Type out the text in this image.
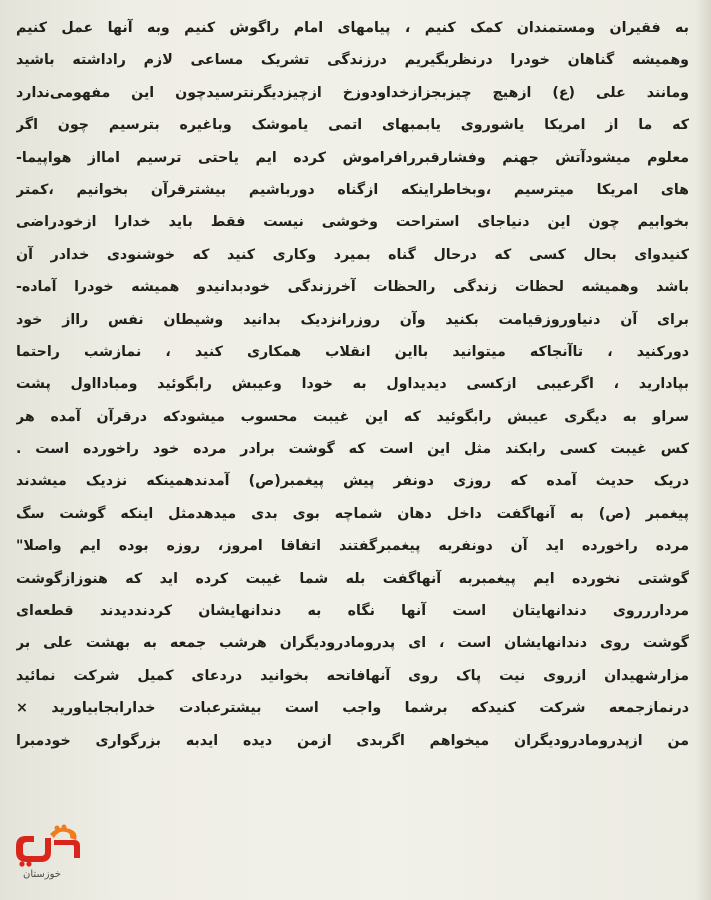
به فقیران ومستمندان کمک کنیم ، پیامهای امام راگوش کنیم وبه آنها عمل کنیم
وهمیشه گناهان خودرا درنظربگیریم درزندگی تشریک مساعی لازم راداشته باشید
ومانند علی (ع) ازهیچ چیزبجزازخداودوزخ ازچیزدیگرنترسیدچون این مفهومی‌ندارد
که ما از امریکا یاشوروی یابمبهای اتمی یاموشک وباغیره بترسیم چون اگر
معلوم میشودآتش جهنم وفشارقبررافراموش کرده ایم یاحتی ترسیم امااز هواپیما-
های امریکا میترسیم ،وبخاطراینکه ازگناه دورباشیم بیشترقرآن بخوانیم ،کمتر
بخوابیم چون این دنیاجای استراحت وخوشی نیست فقط باید خدارا ازخودراضی
کنیدوای بحال کسی که درحال گناه بمیرد وکاری کنید که خوشنودی خدادر آن
باشد وهمیشه لحظات زندگی رالحظات آخرزندگی خودبدانیدو همیشه خودرا آماده-
برای آن دنیاوروزقیامت بکنید وآن روزرانزدیک بدانید وشیطان نفس رااز خود
دورکنید ، تاآنجاکه میتوانید بااین انقلاب همکاری کنید ، نمازشب راحتما
بپادارید ، اگرعیبی ازکسی دیدیداول به خودا وعیبش رابگوئید ومبادااول پشت
سراو به دیگری عیبش رابگوئید که این غیبت محسوب میشودکه درقرآن آمده هر
کس غیبت کسی رابکند مثل این است که گوشت برادر مرده خود راخورده است .
دریک حدیث آمده که روزی دونفر پیش پیغمبر(ص) آمدندهمینکه نزدیک میشدند
پیغمبر (ص) به آنهاگفت داخل دهان شماچه بوی بدی میدهدمثل اینکه گوشت سگ
مرده راخورده اید آن دونفربه پیغمبرگفتند اتفاقا امروز، روزه بوده ایم واصلا"
گوشتی نخورده ایم پیغمبربه آنهاگفت بله شما غیبت کرده اید که هنوزازگوشت
مرداررروی دندانهایتان است آنها نگاه به دندانهایشان کردنددیدند قطعه‌ای
گوشت روی دندانهایشان است ، ای پدرومادرودیگران هرشب جمعه به بهشت علی بر
مزارشهیدان ازروی نیت پاک روی آنهافاتحه بخوانید دردعای کمیل شرکت نمائید
درنمازجمعه شرکت کنیدکه برشما واجب است بیشترعبادت خدارابجابیاورید ×
من ازپدرومادرودیگران میخواهم اگربدی ازمن دیده ایدبه بزرگواری خودمبرا
خوزستان
